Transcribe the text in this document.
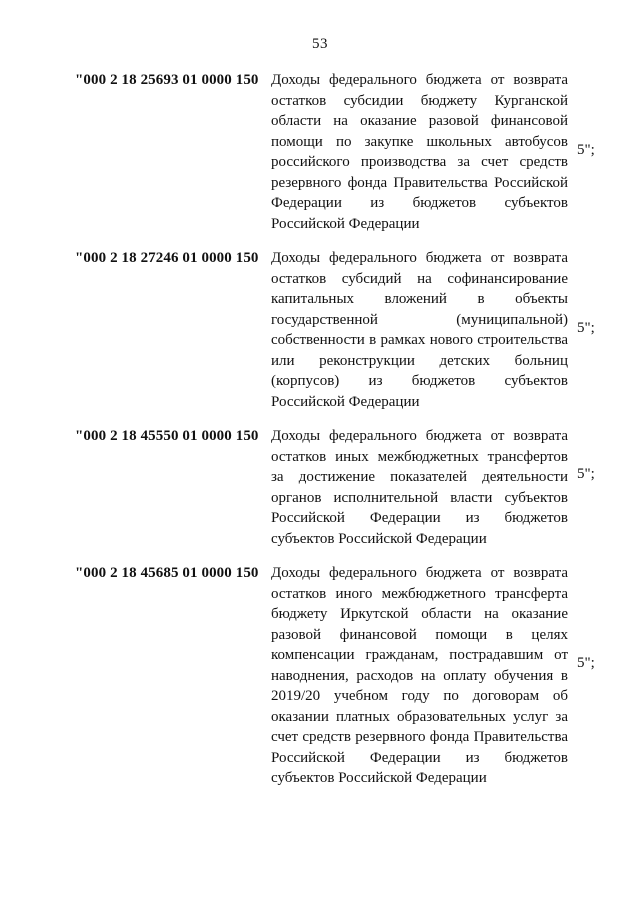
53
"000 2 18 25693 01 0000 150 Доходы федерального бюджета от возврата
остатков субсидии бюджету Курганской
области на оказание разовой финансовой
помощи по закупке школьных автобусов
российского производства за счет средств
резервного фонда Правительства Российской
Федерации из бюджетов субъектов
Российской Федерации
5";
"000 2 18 27246 01 0000 150 Доходы федерального бюджета от возврата
остатков субсидий на софинансирование
капитальных вложений в объекты
государственной (муниципальной)
собственности в рамках нового строительства
или реконструкции детских больниц
(корпусов) из бюджетов субъектов
Российской Федерации
5";
"000 2 18 45550 01 0000 150 Доходы федерального бюджета от возврата
остатков иных межбюджетных трансфертов
за достижение показателей деятельности
органов исполнительной власти субъектов
Российской Федерации из бюджетов
субъектов Российской Федерации
5";
"000 2 18 45685 01 0000 150 Доходы федерального бюджета от возврата
остатков иного межбюджетного трансферта
бюджету Иркутской области на оказание
разовой финансовой помощи в целях
компенсации гражданам, пострадавшим от
наводнения, расходов на оплату обучения в
2019/20 учебном году по договорам об
оказании платных образовательных услуг за
счет средств резервного фонда Правительства
Российской Федерации из бюджетов
субъектов Российской Федерации
5";
